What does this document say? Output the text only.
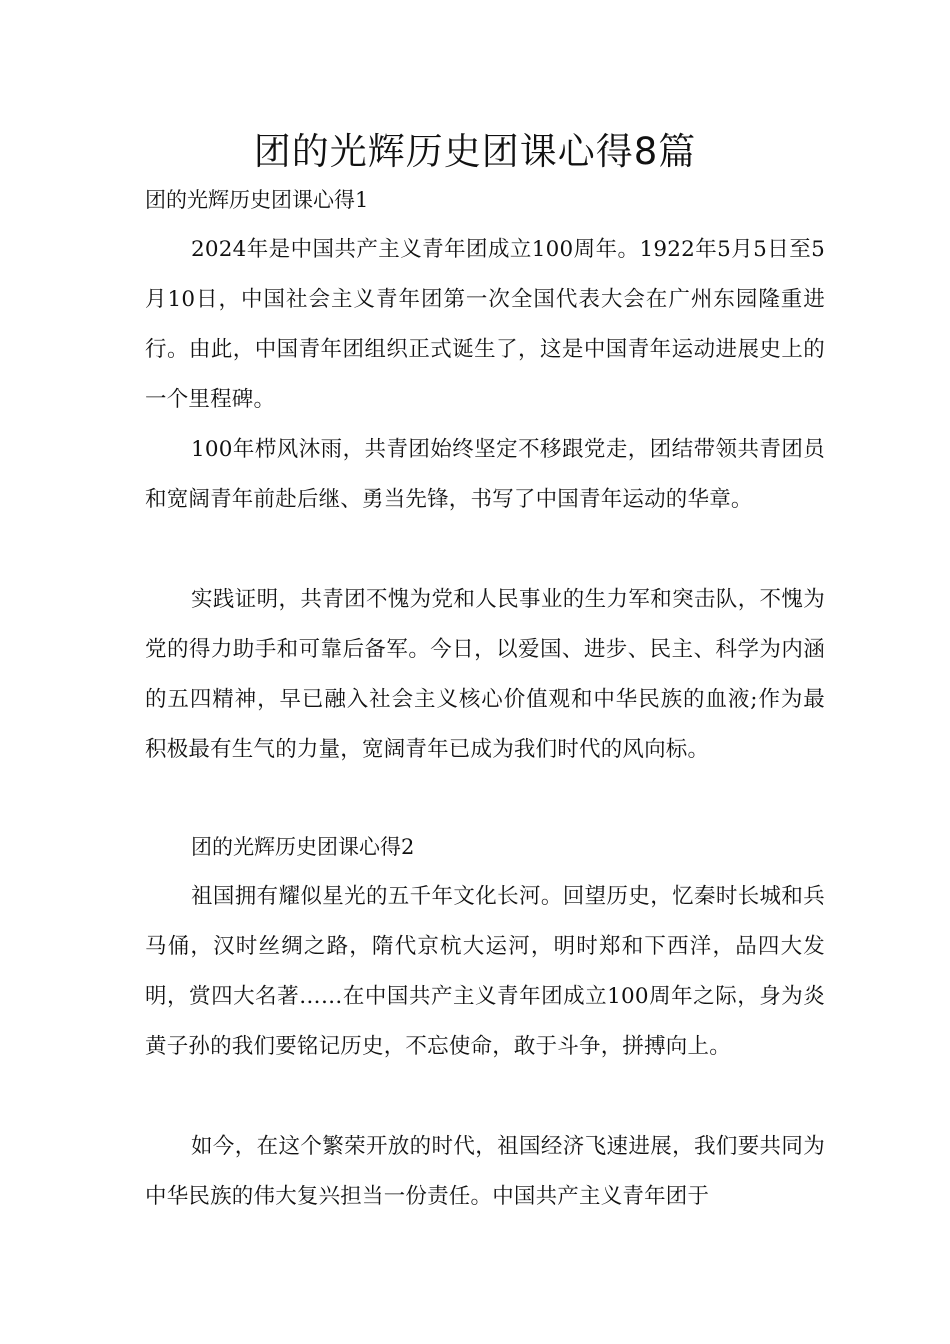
团的光辉历史团课心得8篇
团的光辉历史团课心得1

2024年是中国共产主义青年团成立100周年。1922年5月5日至5月10日，中国社会主义青年团第一次全国代表大会在广州东园隆重进行。由此，中国青年团组织正式诞生了，这是中国青年运动进展史上的一个里程碑。

100年栉风沐雨，共青团始终坚定不移跟党走，团结带领共青团员和宽阔青年前赴后继、勇当先锋，书写了中国青年运动的华章。

实践证明，共青团不愧为党和人民事业的生力军和突击队，不愧为党的得力助手和可靠后备军。今日，以爱国、进步、民主、科学为内涵的五四精神，早已融入社会主义核心价值观和中华民族的血液;作为最积极最有生气的力量，宽阔青年已成为我们时代的风向标。

团的光辉历史团课心得2

祖国拥有耀似星光的五千年文化长河。回望历史，忆秦时长城和兵马俑，汉时丝绸之路，隋代京杭大运河，明时郑和下西洋，品四大发明，赏四大名著……在中国共产主义青年团成立100周年之际，身为炎黄子孙的我们要铭记历史，不忘使命，敢于斗争，拼搏向上。

如今，在这个繁荣开放的时代，祖国经济飞速进展，我们要共同为中华民族的伟大复兴担当一份责任。中国共产主义青年团于
